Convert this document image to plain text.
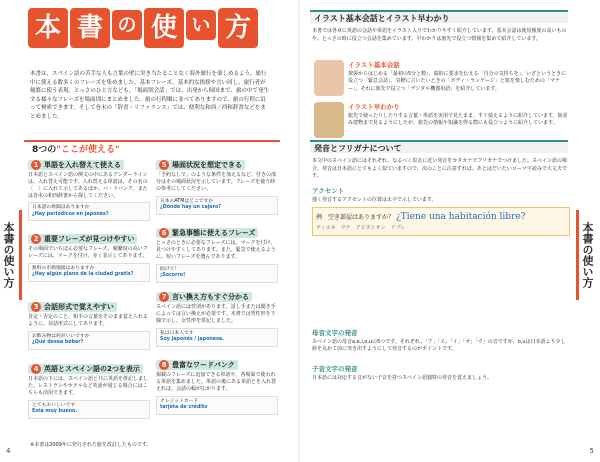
本 書 の 使 い 方

本書は、スペイン語の苦手な人も言葉の壁に突き当たることなく海外旅行を楽しめるよう、旅行中に使える数多くのフレーズを集めました。基本フレーズ、基本的な挨拶や言い回し、旅行者が頻繁に使う表現、とっさのひと言なども。「場面別会話」では、出発から帰国まで、旅の中で発生する様々なフレーズを場面別にまとめました。旅の行程順に並べてありますので、旅の行程に沿って検索できます。そして巻末の「辞書・リファランス」では、便利な和西／西和辞書などをまとめました。

8つの"ここが使える"
1 単語を入れ替えて使える

日本語とスペイン語の例文の中にあるアンダーラインは、入れ替え可能です。入れ替える単語は、その名の〈　〉に入れて示してあるほか、バ・ドバンク、または巻末の和西辞書から探してください。

日本語の新聞はありますか
¿Hay periódicos en japonés?
2 重要フレーズが見つけやすい

その場面でいちばん必要なフレーズ、頻繁度の高いフレーズには、マークを付け、赤く表示してあります。

無料の市街地図はありますか
¿Hay algún plano de la ciudad gratis?
3 会話形式で覚えやすい

肯定・否定のこと、相手の言葉をそのまま覚えられるように、対話形式にしてあります。

お飲み物は何がいいですか
¿Qué desea beber?
4 英語とスペイン語の2つを表示

日本語の下には、スペイン語と共に英語を併記しました。レストランやホテルなど英語が通じる場合にはこちらも活用できます。

とてもおいしいです
Está muy bueno.
5 場面状況を想定できる

「予約なしで」のような条件を加えるなど、付きの部分はその場面状況を示しています。フレーズを使う時の参考にしてください。

日本のATMはどこですか
¿Dónde hay un cajero?
6 緊急事態に使えるフレーズ

とっさのときに必要なフレーズには、マークを付け、見つけやすくしてあります。また、緊急で使えるように、短いフレーズを選んであります。

助けて！
¡Socorro!
7 言い換え方もすぐ分かる

スペイン語には性別があります。話し手または聞き手によっては言い換えが必要です。本書では男性形を下線で示し、女性形を併記しました。

私は日本人です
Soy japonés / japonesa.
8 豊富なワードバンク

掲載のフレーズに追加できる単語や、各場面で使われる単語を集めました。単語の後にある単語とを入れ替えれば、会話の幅が広がります。

クレジットカード
tarjeta de crédito
※本書は2009年に発行された旅を改訂したものです。
本書の使い方
4
イラスト基本会話とイラスト早わかり

本書では各章に英語の会話や単語をイラスト入りでわかりやすく紹介しています。基本会話は使用頻度の高いものや、とっさの時に役立つ会話を集めています。早わかりは旅先で役立つ情報を集めて紹介しています。

イラスト基本会話
挨拶からはじめる「最初の5分と数」、端的に要求を伝える「自分の気持ちを」、いざというときに役立つ「緊急会話」、気軽に言いたいときの「ボディ・ランゲージ」と旅を楽しむための「マナー」、それに旅先で役立つ「デジタル機器用語」を紹介しています。
イラスト早わかり
旅先で使ったりしたりする言葉・単語を実用で見たまま、すぐ使えるように紹介しています。街並み建物まで見るようにしたが、旅先の情報や知識を得る際にも役立つように紹介しています。
発音とフリガナについて

本文中のスペイン語にはそれぞれ、なるべく原音に近い発音をカタカナでフリガナでつけました。スペイン語の場合、発音は日本語にとてもよく似ていますので、次のことに注意すれば、あとはだいたいローマ字読みで大丈夫です。

アクセント
強く発音するアクセントの位置は太字で示しています。
例　空き部屋はありますか？ ¿Tiene una habitación libre?
ティエネ　ウナ　アビタシオン　リブレ
母音文字の発音
スペイン語の母音a,e,i,o,uの5つです。それぞれ、「ア」「エ」「イ」「オ」「ウ」の音ですが、o,uは日本語より少し唇を丸めて前に突き出すようにして発音するのがポイントです。
子音文字の発音
日本語には対応する音がない子音を持つスペイン語独特の発音を覚えましょう。
本書の使い方
5
